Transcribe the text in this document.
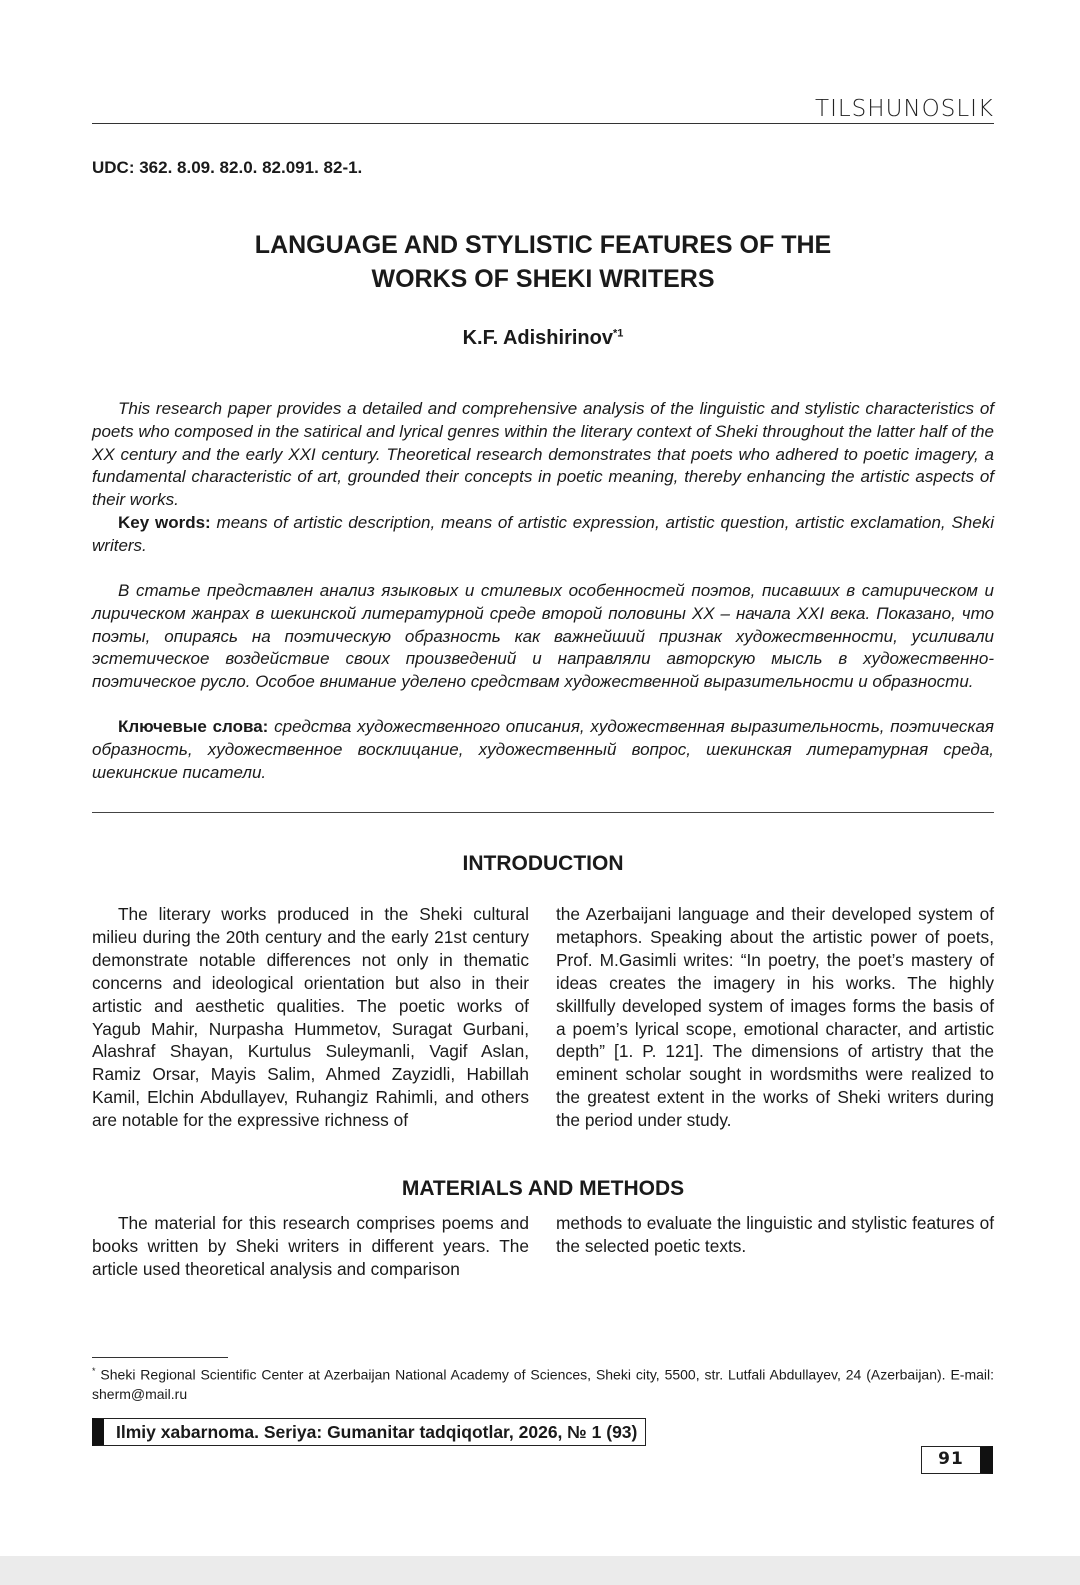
TILSHUNOSLIK
UDC: 362. 8.09. 82.0. 82.091. 82-1.
LANGUAGE AND STYLISTIC FEATURES OF THE
WORKS OF SHEKI WRITERS
K.F. Adishirinov$^{*1}$
This research paper provides a detailed and comprehensive analysis of the linguistic and stylistic characteristics of poets who composed in the satirical and lyrical genres within the literary context of Sheki throughout the latter half of the XX century and the early XXI century. Theoretical research demonstrates that poets who adhered to poetic imagery, a fundamental characteristic of art, grounded their concepts in poetic meaning, thereby enhancing the artistic aspects of their works.
Key words: means of artistic description, means of artistic expression, artistic question, artistic exclamation, Sheki writers.
В статье представлен анализ языковых и стилевых особенностей поэтов, писавших в сатирическом и лирическом жанрах в шекинской литературной среде второй половины XX – начала XXI века. Показано, что поэты, опираясь на поэтическую образность как важнейший признак художественности, усиливали эстетическое воздействие своих произведений и направляли авторскую мысль в художественно-поэтическое русло. Особое внимание уделено средствам художественной выразительности и образности.
Ключевые слова: средства художественного описания, художественная выразительность, поэтическая образность, художественное восклицание, художественный вопрос, шекинская литературная среда, шекинские писатели.
INTRODUCTION
The literary works produced in the Sheki cultural milieu during the 20th century and the early 21st century demonstrate notable differences not only in thematic concerns and ideological orientation but also in their artistic and aesthetic qualities. The poetic works of Yagub Mahir, Nurpasha Hummetov, Suragat Gurbani, Alashraf Shayan, Kurtulus Suleymanli, Vagif Aslan, Ramiz Orsar, Mayis Salim, Ahmed Zayzidli, Habillah Kamil, Elchin Abdullayev, Ruhangiz Rahimli, and others are notable for the expressive richness of
the Azerbaijani language and their developed system of metaphors. Speaking about the artistic power of poets, Prof. M.Gasimli writes: “In poetry, the poet’s mastery of ideas creates the imagery in his works. The highly skillfully developed system of images forms the basis of a poem’s lyrical scope, emotional character, and artistic depth” [1. P. 121]. The dimensions of artistry that the eminent scholar sought in wordsmiths were realized to the greatest extent in the works of Sheki writers during the period under study.
MATERIALS AND METHODS
The material for this research comprises poems and books written by Sheki writers in different years. The article used theoretical analysis and comparison
methods to evaluate the linguistic and stylistic features of the selected poetic texts.
* Sheki Regional Scientific Center at Azerbaijan National Academy of Sciences, Sheki city, 5500, str. Lutfali Abdullayev, 24 (Azerbaijan). E-mail: sherm@mail.ru
Ilmiy xabarnoma. Seriya: Gumanitar tadqiqotlar, 2026, № 1 (93)
91
